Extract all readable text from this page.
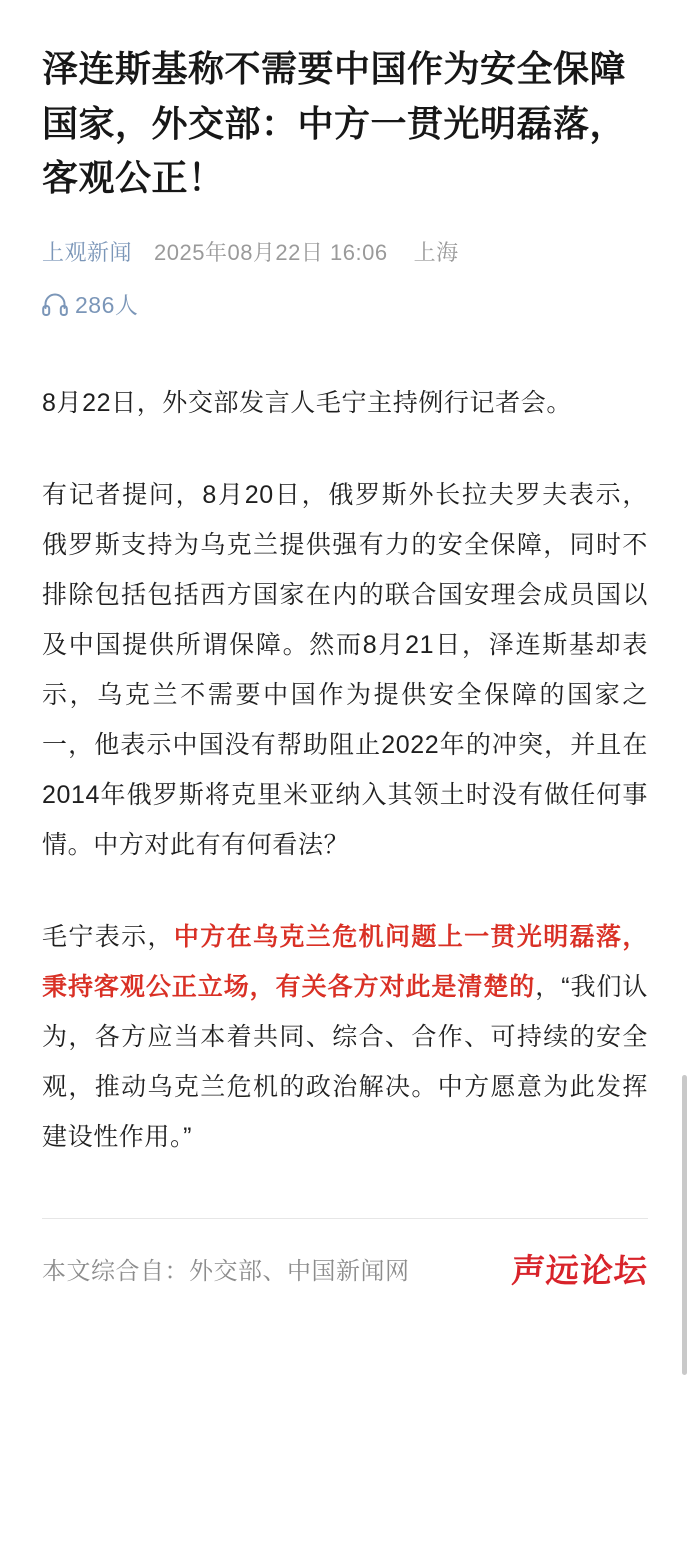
泽连斯基称不需要中国作为安全保障国家，外交部：中方一贯光明磊落，客观公正！
上观新闻 2025年08月22日 16:06 上海
286人

8月22日，外交部发言人毛宁主持例行记者会。

有记者提问，8月20日，俄罗斯外长拉夫罗夫表示，俄罗斯支持为乌克兰提供强有力的安全保障，同时不排除包括包括西方国家在内的联合国安理会成员国以及中国提供所谓保障。然而8月21日，泽连斯基却表示，乌克兰不需要中国作为提供安全保障的国家之一，他表示中国没有帮助阻止2022年的冲突，并且在2014年俄罗斯将克里米亚纳入其领土时没有做任何事情。中方对此有有何看法？

毛宁表示，中方在乌克兰危机问题上一贯光明磊落，秉持客观公正立场，有关各方对此是清楚的，“我们认为，各方应当本着共同、综合、合作、可持续的安全观，推动乌克兰危机的政治解决。中方愿意为此发挥建设性作用。”

本文综合自：外交部、中国新闻网	声远论坛
